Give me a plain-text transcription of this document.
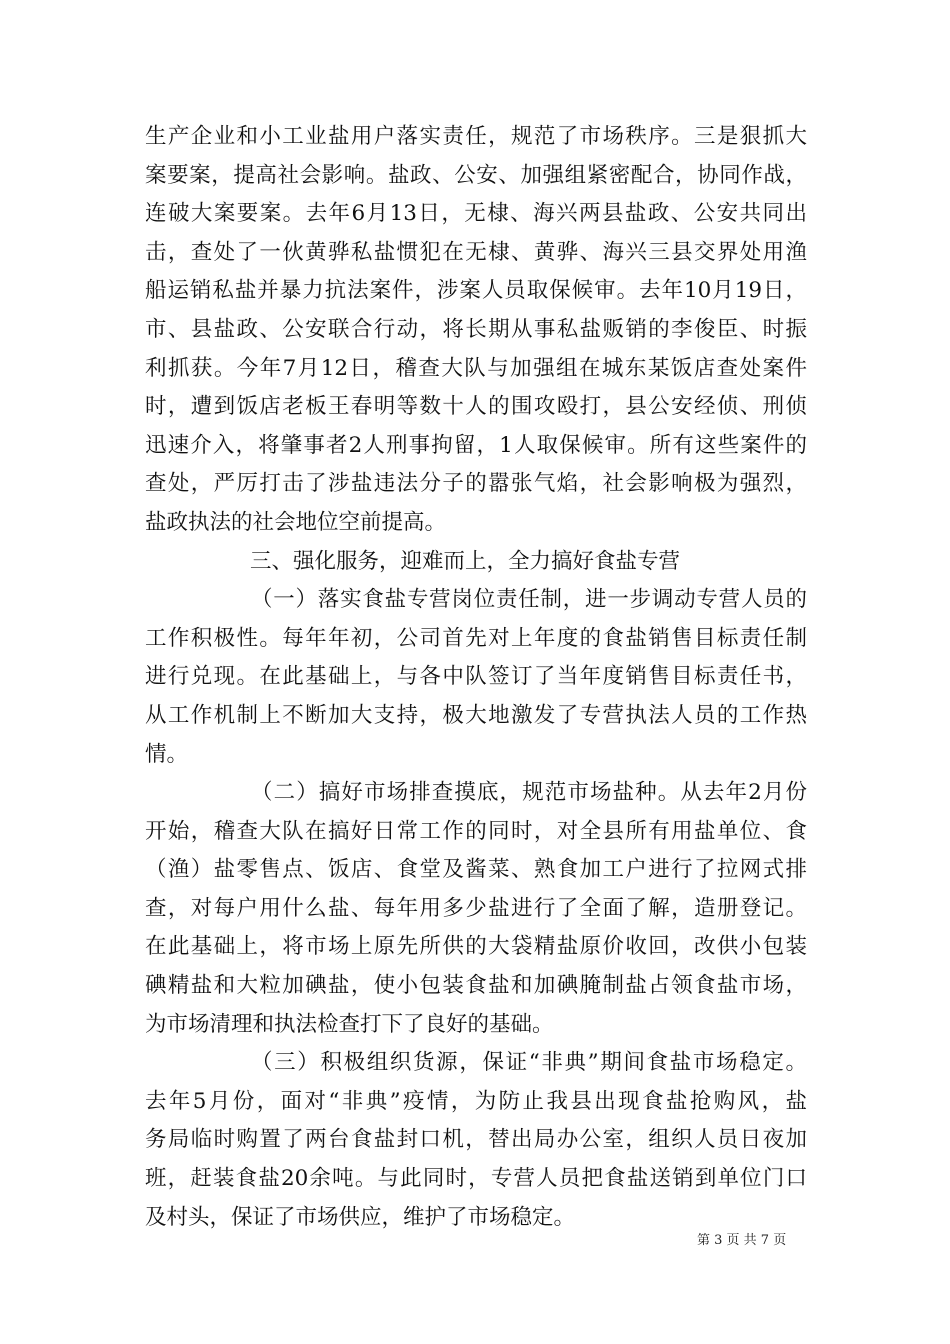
生产企业和小工业盐用户落实责任，规范了市场秩序。三是狠抓大
案要案，提高社会影响。盐政、公安、加强组紧密配合，协同作战，
连破大案要案。去年6月13日，无棣、海兴两县盐政、公安共同出
击，查处了一伙黄骅私盐惯犯在无棣、黄骅、海兴三县交界处用渔
船运销私盐并暴力抗法案件，涉案人员取保候审。去年10月19日，
市、县盐政、公安联合行动，将长期从事私盐贩销的李俊臣、时振
利抓获。今年7月12日，稽查大队与加强组在城东某饭店查处案件
时，遭到饭店老板王春明等数十人的围攻殴打，县公安经侦、刑侦
迅速介入，将肇事者2人刑事拘留，1人取保候审。所有这些案件的
查处，严厉打击了涉盐违法分子的嚣张气焰，社会影响极为强烈，
盐政执法的社会地位空前提高。
三、强化服务，迎难而上，全力搞好食盐专营
（一）落实食盐专营岗位责任制，进一步调动专营人员的
工作积极性。每年年初，公司首先对上年度的食盐销售目标责任制
进行兑现。在此基础上，与各中队签订了当年度销售目标责任书，
从工作机制上不断加大支持，极大地激发了专营执法人员的工作热
情。
（二）搞好市场排查摸底，规范市场盐种。从去年2月份
开始，稽查大队在搞好日常工作的同时，对全县所有用盐单位、食
（渔）盐零售点、饭店、食堂及酱菜、熟食加工户进行了拉网式排
查，对每户用什么盐、每年用多少盐进行了全面了解，造册登记。
在此基础上，将市场上原先所供的大袋精盐原价收回，改供小包装
碘精盐和大粒加碘盐，使小包装食盐和加碘腌制盐占领食盐市场，
为市场清理和执法检查打下了良好的基础。
（三）积极组织货源，保证“非典”期间食盐市场稳定。
去年5月份，面对“非典”疫情，为防止我县出现食盐抢购风，盐
务局临时购置了两台食盐封口机，替出局办公室，组织人员日夜加
班，赶装食盐20余吨。与此同时，专营人员把食盐送销到单位门口
及村头，保证了市场供应，维护了市场稳定。
第 3 页 共 7 页
